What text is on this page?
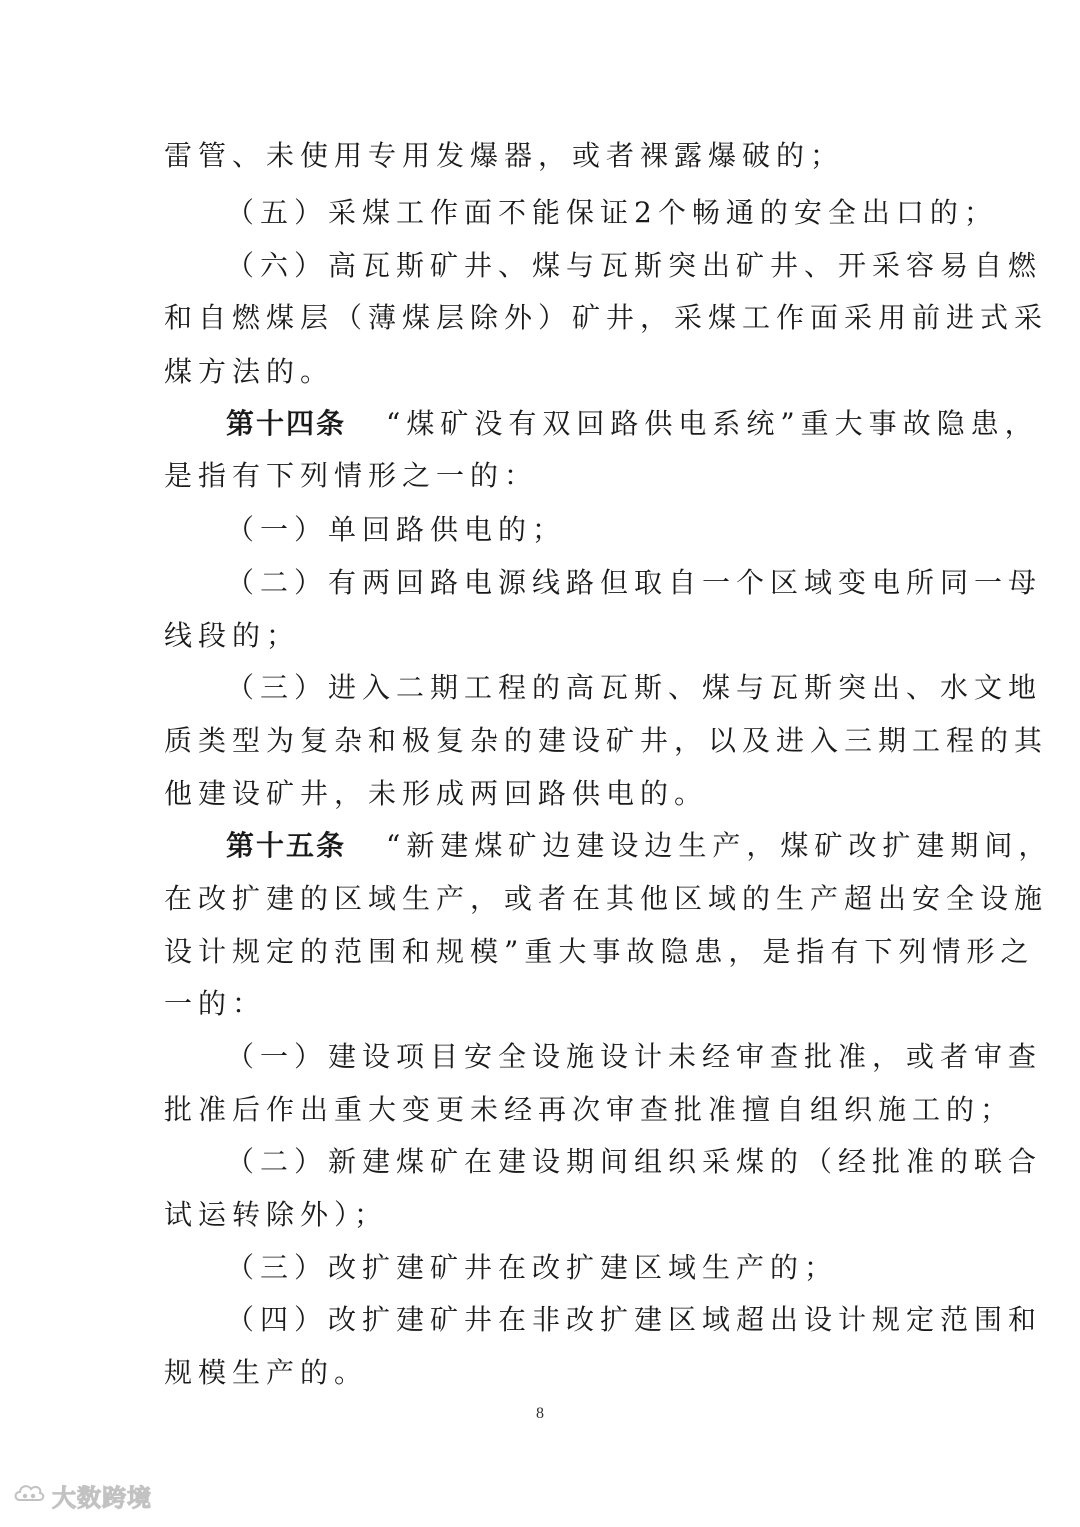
雷管、未使用专用发爆器，或者裸露爆破的；
（五）采煤工作面不能保证2个畅通的安全出口的；
（六）高瓦斯矿井、煤与瓦斯突出矿井、开采容易自燃
和自燃煤层（薄煤层除外）矿井，采煤工作面采用前进式采
煤方法的。
第十四条 “煤矿没有双回路供电系统”重大事故隐患，
是指有下列情形之一的：
（一）单回路供电的；
（二）有两回路电源线路但取自一个区域变电所同一母
线段的；
（三）进入二期工程的高瓦斯、煤与瓦斯突出、水文地
质类型为复杂和极复杂的建设矿井，以及进入三期工程的其
他建设矿井，未形成两回路供电的。
第十五条 “新建煤矿边建设边生产，煤矿改扩建期间，
在改扩建的区域生产，或者在其他区域的生产超出安全设施
设计规定的范围和规模”重大事故隐患，是指有下列情形之
一的：
（一）建设项目安全设施设计未经审查批准，或者审查
批准后作出重大变更未经再次审查批准擅自组织施工的；
（二）新建煤矿在建设期间组织采煤的（经批准的联合
试运转除外）；
（三）改扩建矿井在改扩建区域生产的；
（四）改扩建矿井在非改扩建区域超出设计规定范围和
规模生产的。
8
大数跨境
